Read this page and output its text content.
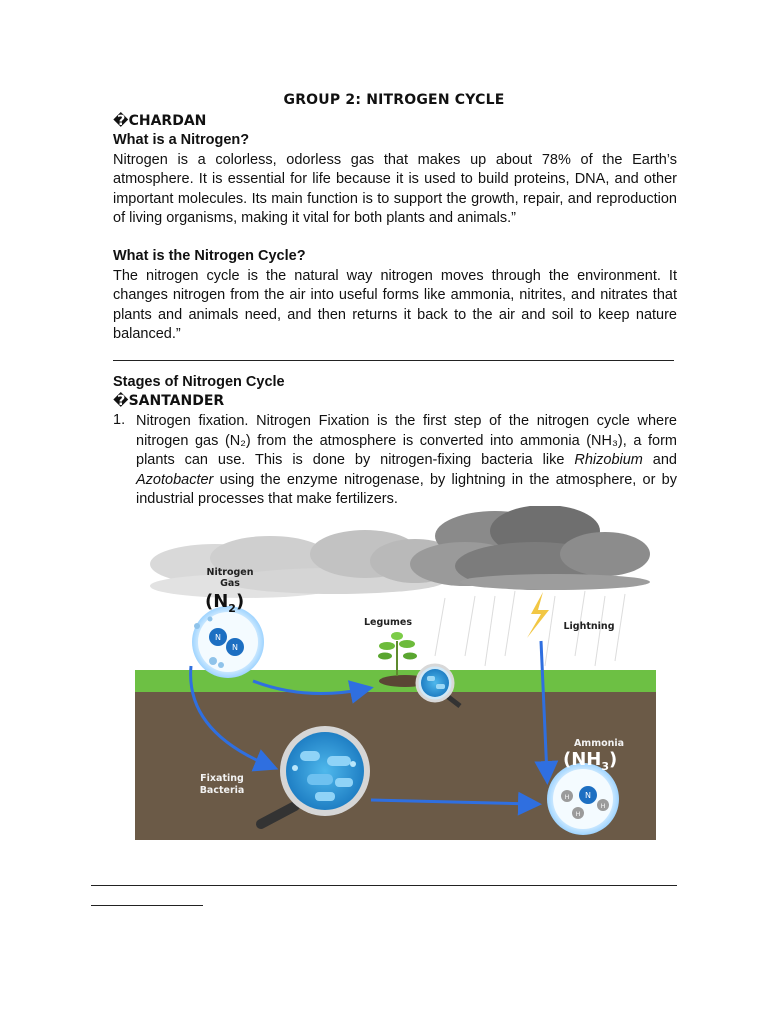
GROUP 2: NITROGEN CYCLE
�CHARDAN
What is a Nitrogen?
Nitrogen is a colorless, odorless gas that makes up about 78% of the Earth’s atmosphere. It is essential for life because it is used to build proteins, DNA, and other important molecules. Its main function is to support the growth, repair, and reproduction of living organisms, making it vital for both plants and animals.”
What is the Nitrogen Cycle?
The nitrogen cycle is the natural way nitrogen moves through the environment. It changes nitrogen from the air into useful forms like ammonia, nitrites, and nitrates that plants and animals need, and then returns it back to the air and soil to keep nature balanced.”
Stages of Nitrogen Cycle
�SANTANDER
1. Nitrogen fixation. Nitrogen Fixation is the first step of the nitrogen cycle where nitrogen gas (N₂) from the atmosphere is converted into ammonia (NH₃), a form plants can use. This is done by nitrogen-fixing bacteria like Rhizobium and Azotobacter using the enzyme nitrogenase, by lightning in the atmosphere, or by industrial processes that make fertilizers.
Nitrogen
Gas
$(N_2)$
Legumes	Lightning
Ammonia
$(NH_3)$
Fixating
Bacteria
N
N
N
H
H
H
